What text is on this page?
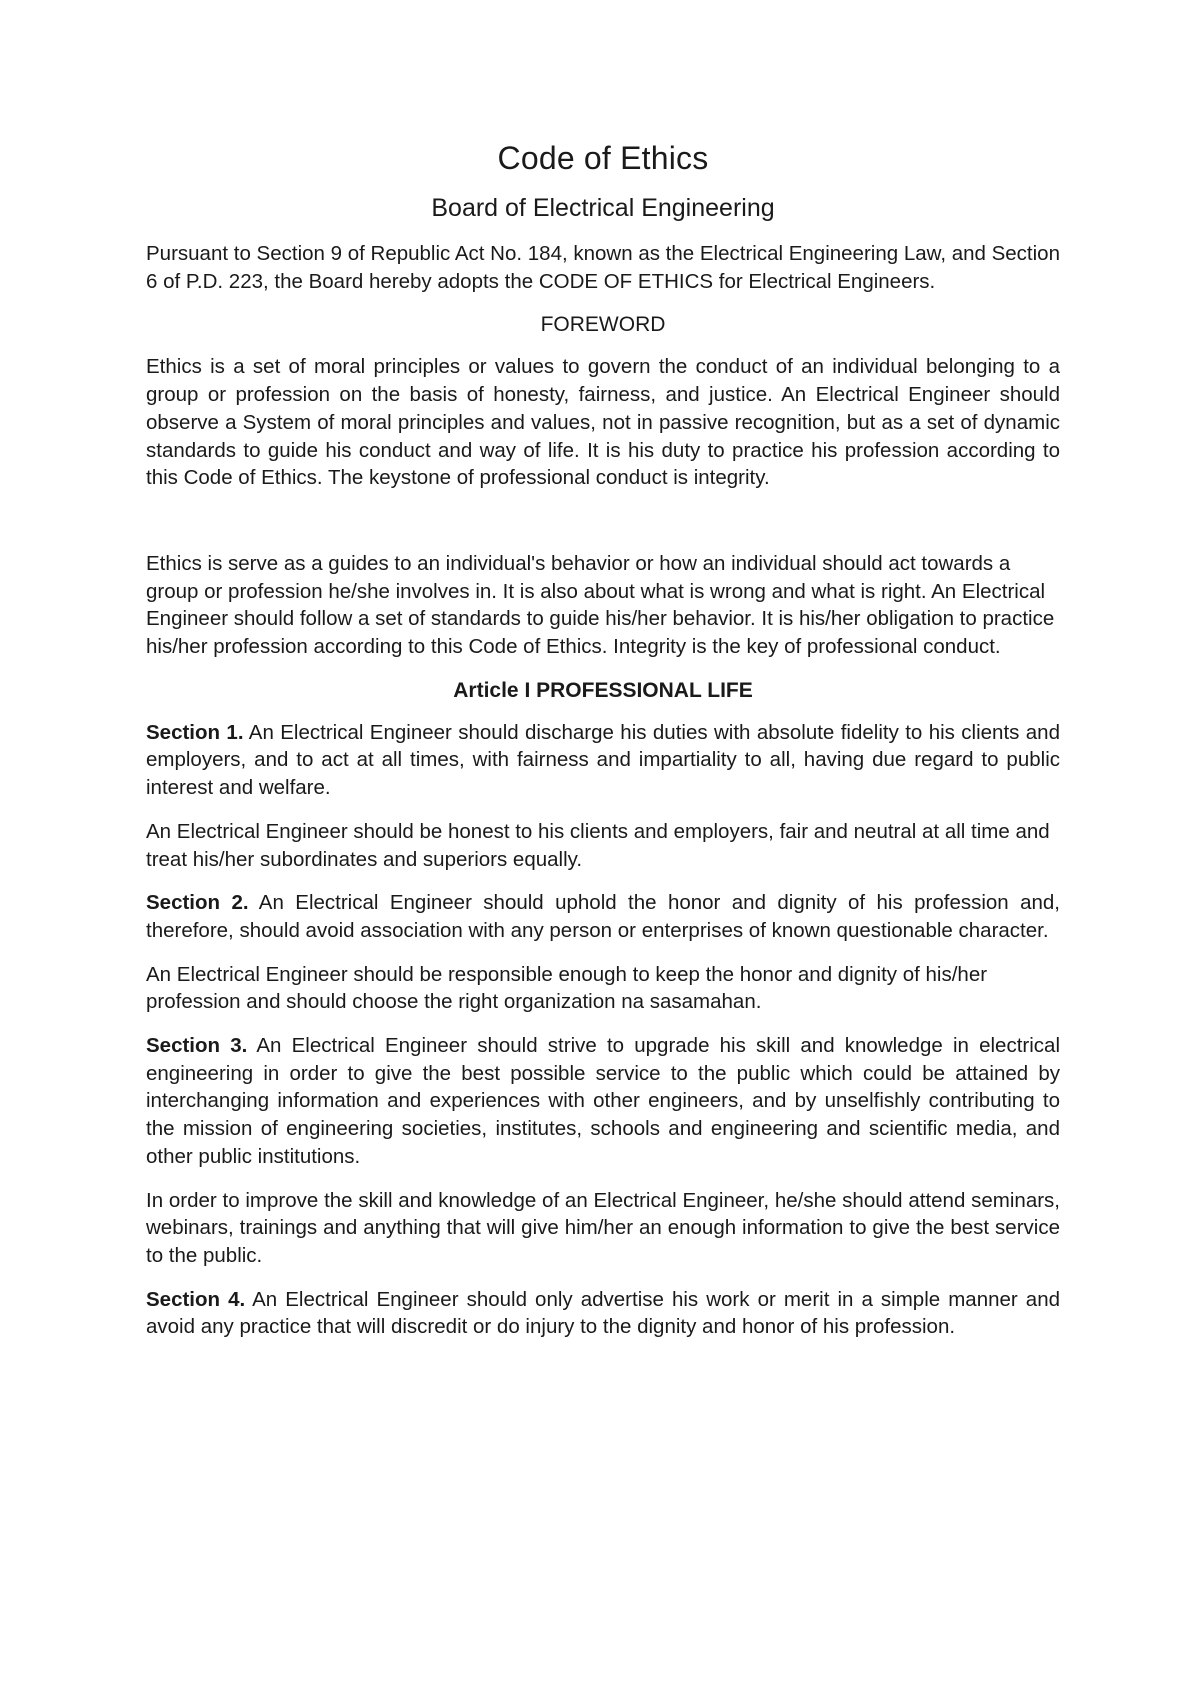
Code of Ethics
Board of Electrical Engineering

Pursuant to Section 9 of Republic Act No. 184, known as the Electrical Engineering Law, and Section 6 of P.D. 223, the Board hereby adopts the CODE OF ETHICS for Electrical Engineers.

FOREWORD

Ethics is a set of moral principles or values to govern the conduct of an individual belonging to a group or profession on the basis of honesty, fairness, and justice. An Electrical Engineer should observe a System of moral principles and values, not in passive recognition, but as a set of dynamic standards to guide his conduct and way of life. It is his duty to practice his profession according to this Code of Ethics. The keystone of professional conduct is integrity.

Ethics is serve as a guides to an individual's behavior or how an individual should act towards a group or profession he/she involves in. It is also about what is wrong and what is right. An Electrical Engineer should follow a set of standards to guide his/her behavior. It is his/her obligation to practice his/her profession according to this Code of Ethics. Integrity is the key of professional conduct.

Article I PROFESSIONAL LIFE

Section 1. An Electrical Engineer should discharge his duties with absolute fidelity to his clients and employers, and to act at all times, with fairness and impartiality to all, having due regard to public interest and welfare.

An Electrical Engineer should be honest to his clients and employers, fair and neutral at all time and treat his/her subordinates and superiors equally.

Section 2. An Electrical Engineer should uphold the honor and dignity of his profession and, therefore, should avoid association with any person or enterprises of known questionable character.

An Electrical Engineer should be responsible enough to keep the honor and dignity of his/her profession and should choose the right organization na sasamahan.

Section 3. An Electrical Engineer should strive to upgrade his skill and knowledge in electrical engineering in order to give the best possible service to the public which could be attained by interchanging information and experiences with other engineers, and by unselfishly contributing to the mission of engineering societies, institutes, schools and engineering and scientific media, and other public institutions.

In order to improve the skill and knowledge of an Electrical Engineer, he/she should attend seminars, webinars, trainings and anything that will give him/her an enough information to give the best service to the public.

Section 4. An Electrical Engineer should only advertise his work or merit in a simple manner and avoid any practice that will discredit or do injury to the dignity and honor of his profession.
